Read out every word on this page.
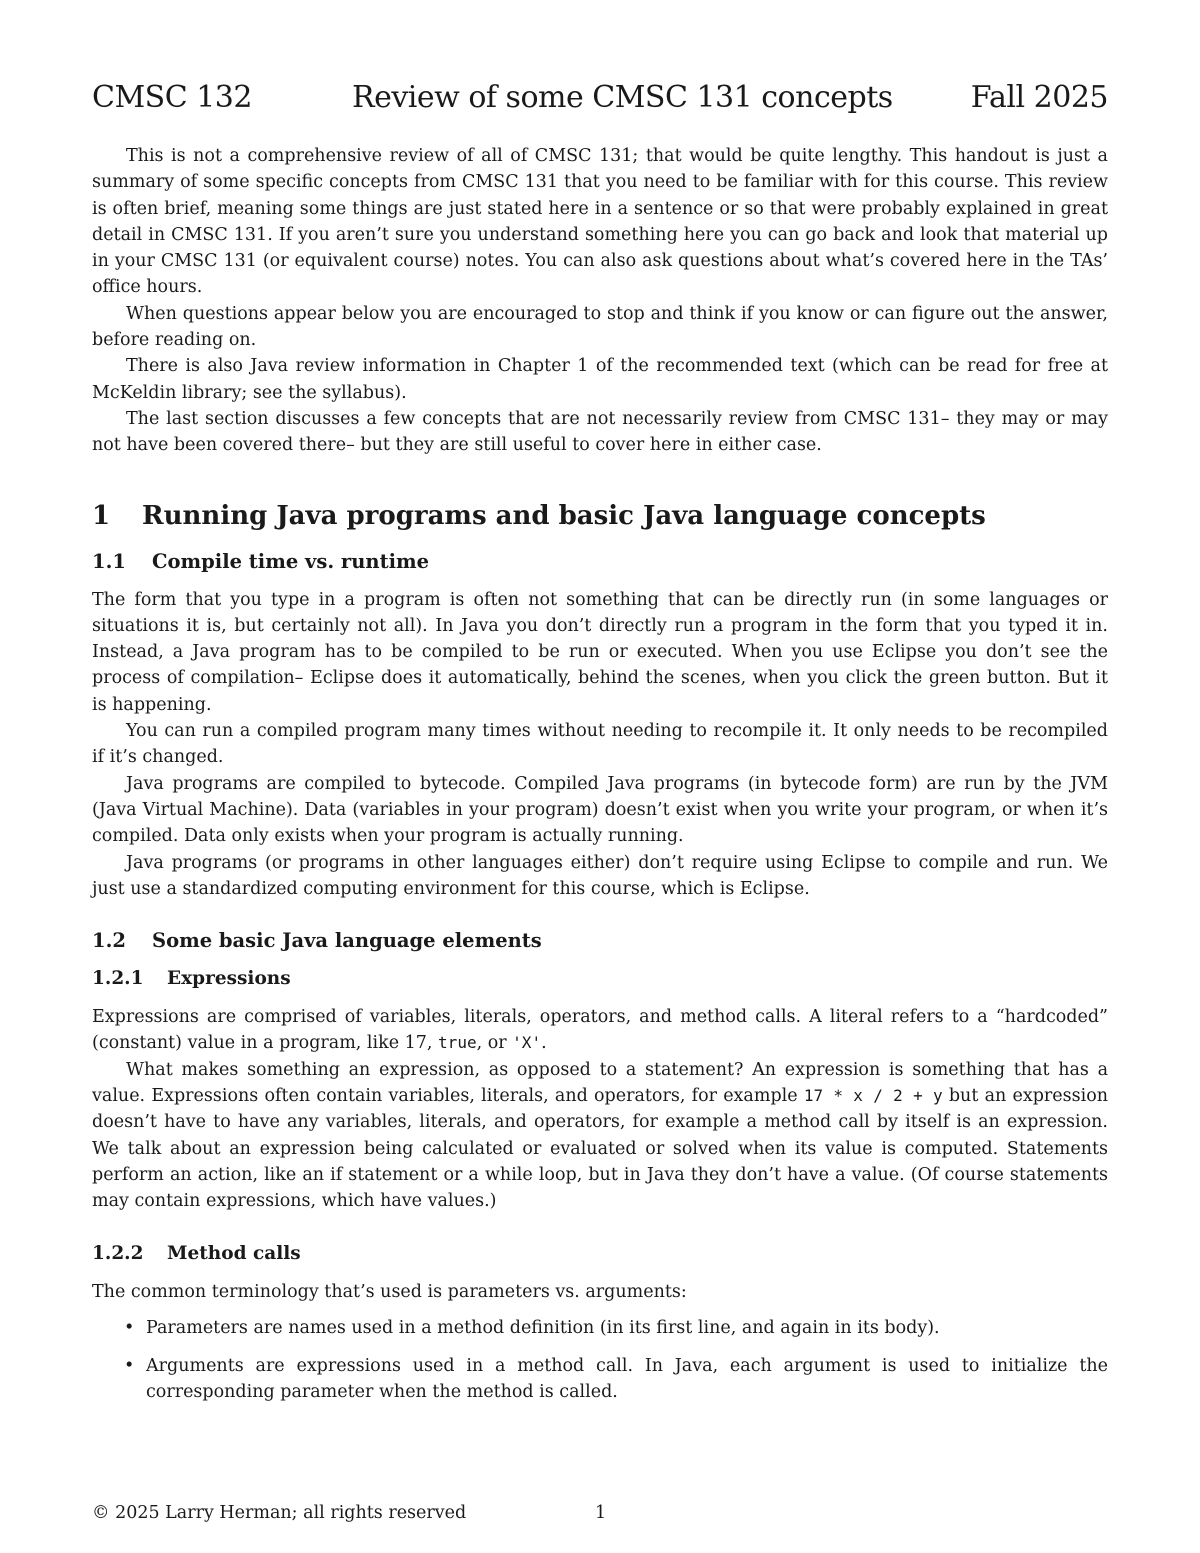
CMSC 132	Review of some CMSC 131 concepts	Fall 2025

This is not a comprehensive review of all of CMSC 131; that would be quite lengthy. This handout is just a summary of some specific concepts from CMSC 131 that you need to be familiar with for this course. This review is often brief, meaning some things are just stated here in a sentence or so that were probably explained in great detail in CMSC 131. If you aren’t sure you understand something here you can go back and look that material up in your CMSC 131 (or equivalent course) notes. You can also ask questions about what’s covered here in the TAs’ office hours.

When questions appear below you are encouraged to stop and think if you know or can figure out the answer, before reading on.

There is also Java review information in Chapter 1 of the recommended text (which can be read for free at McKeldin library; see the syllabus).

The last section discusses a few concepts that are not necessarily review from CMSC 131– they may or may not have been covered there– but they are still useful to cover here in either case.

1 Running Java programs and basic Java language concepts
1.1 Compile time vs. runtime

The form that you type in a program is often not something that can be directly run (in some languages or situations it is, but certainly not all). In Java you don’t directly run a program in the form that you typed it in. Instead, a Java program has to be compiled to be run or executed. When you use Eclipse you don’t see the process of compilation– Eclipse does it automatically, behind the scenes, when you click the green button. But it is happening.

You can run a compiled program many times without needing to recompile it. It only needs to be recompiled if it’s changed.

Java programs are compiled to bytecode. Compiled Java programs (in bytecode form) are run by the JVM (Java Virtual Machine). Data (variables in your program) doesn’t exist when you write your program, or when it’s compiled. Data only exists when your program is actually running.

Java programs (or programs in other languages either) don’t require using Eclipse to compile and run. We just use a standardized computing environment for this course, which is Eclipse.

1.2 Some basic Java language elements
1.2.1 Expressions

Expressions are comprised of variables, literals, operators, and method calls. A literal refers to a “hardcoded” (constant) value in a program, like 17, true, or 'X'.

What makes something an expression, as opposed to a statement? An expression is something that has a value. Expressions often contain variables, literals, and operators, for example 17 * x / 2 + y but an expression doesn’t have to have any variables, literals, and operators, for example a method call by itself is an expression. We talk about an expression being calculated or evaluated or solved when its value is computed. Statements perform an action, like an if statement or a while loop, but in Java they don’t have a value. (Of course statements may contain expressions, which have values.)

1.2.2 Method calls

The common terminology that’s used is parameters vs. arguments:

• Parameters are names used in a method definition (in its first line, and again in its body).
• Arguments are expressions used in a method call. In Java, each argument is used to initialize the corresponding parameter when the method is called.
© 2025 Larry Herman; all rights reserved	1
